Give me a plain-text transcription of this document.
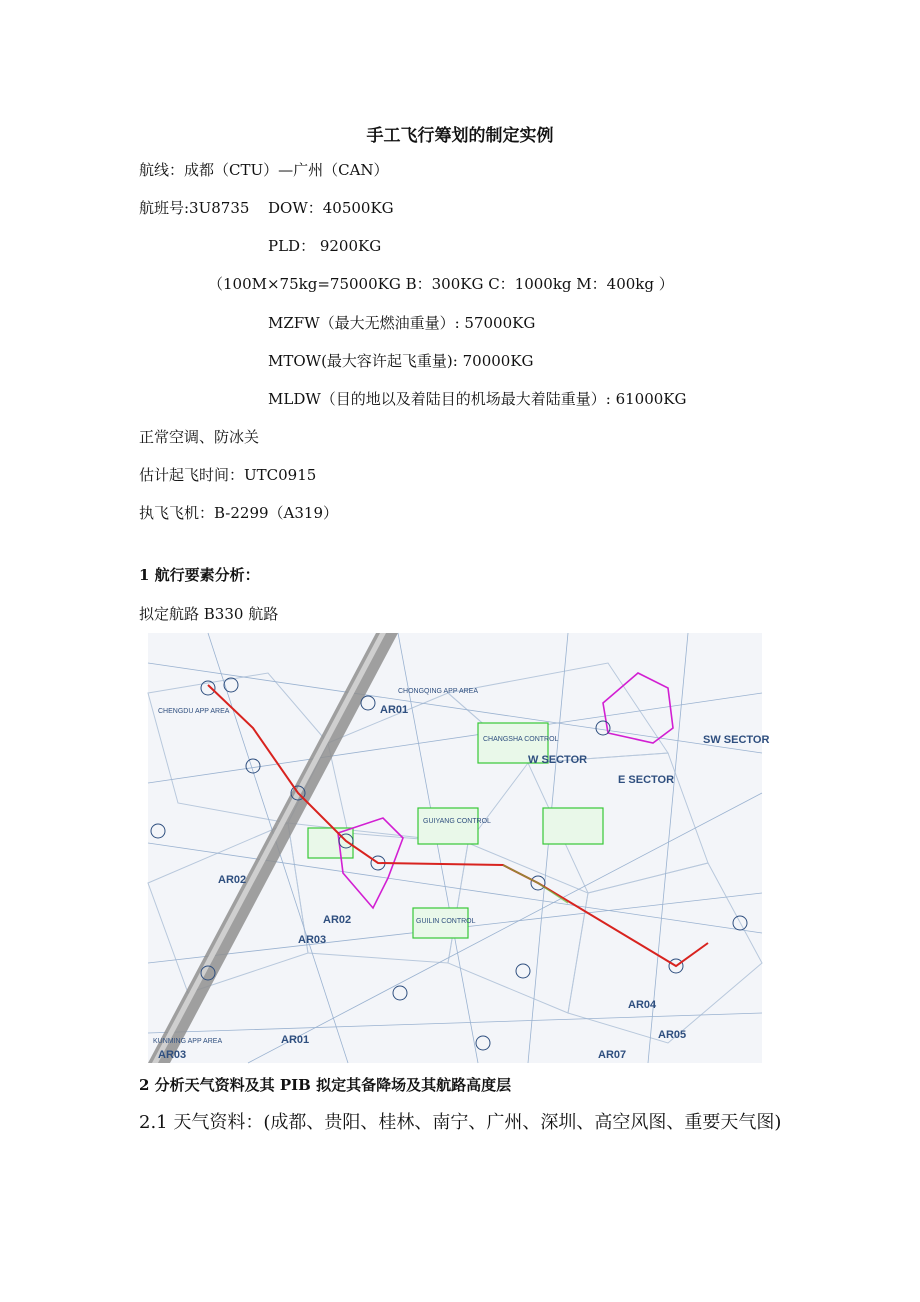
手工飞行筹划的制定实例
航线：成都（CTU）—广州（CAN）
航班号:3U8735 DOW：40500KG
PLD： 9200KG
（100M×75kg=75000KG B：300KG C：1000kg M：400kg ）
MZFW（最大无燃油重量）: 57000KG
MTOW(最大容许起飞重量): 70000KG
MLDW（目的地以及着陆目的机场最大着陆重量）: 61000KG
正常空调、防冰关
估计起飞时间：UTC0915
执飞飞机：B-2299（A319）
1 航行要素分析：
拟定航路 B330 航路
AR01
AR01
AR02
AR02
AR03
AR03
AR04
AR05
AR07
E SECTOR
W SECTOR
SW SECTOR
CHENGDU APP AREA
GUIYANG CONTROL
GUILIN CONTROL
CHANGSHA CONTROL
KUNMING APP AREA
CHONGQING APP AREA
2 分析天气资料及其 PIB 拟定其备降场及其航路高度层
2.1 天气资料：(成都、贵阳、桂林、南宁、广州、深圳、高空风图、重要天气图)
